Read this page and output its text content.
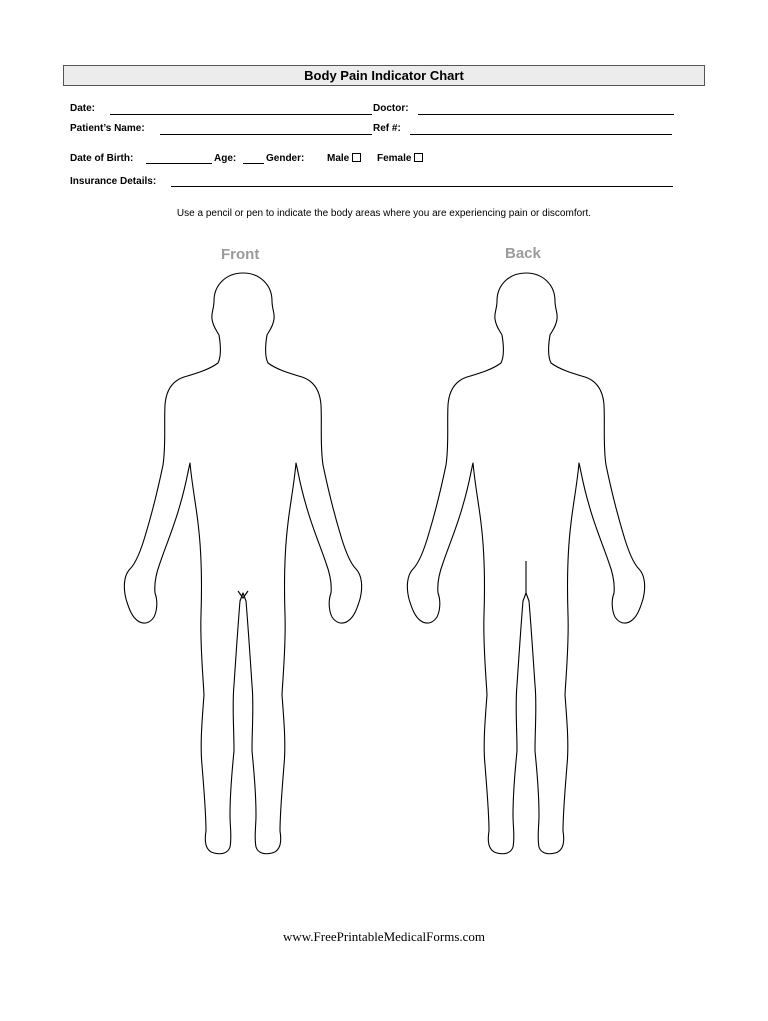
Body Pain Indicator Chart
Date:	Doctor:
Patient’s Name:	Ref #:
Date of Birth:	Age:	Gender: Male	Female
Insurance Details:
Use a pencil or pen to indicate the body areas where you are experiencing pain or discomfort.
Front	Back
www.FreePrintableMedicalForms.com
